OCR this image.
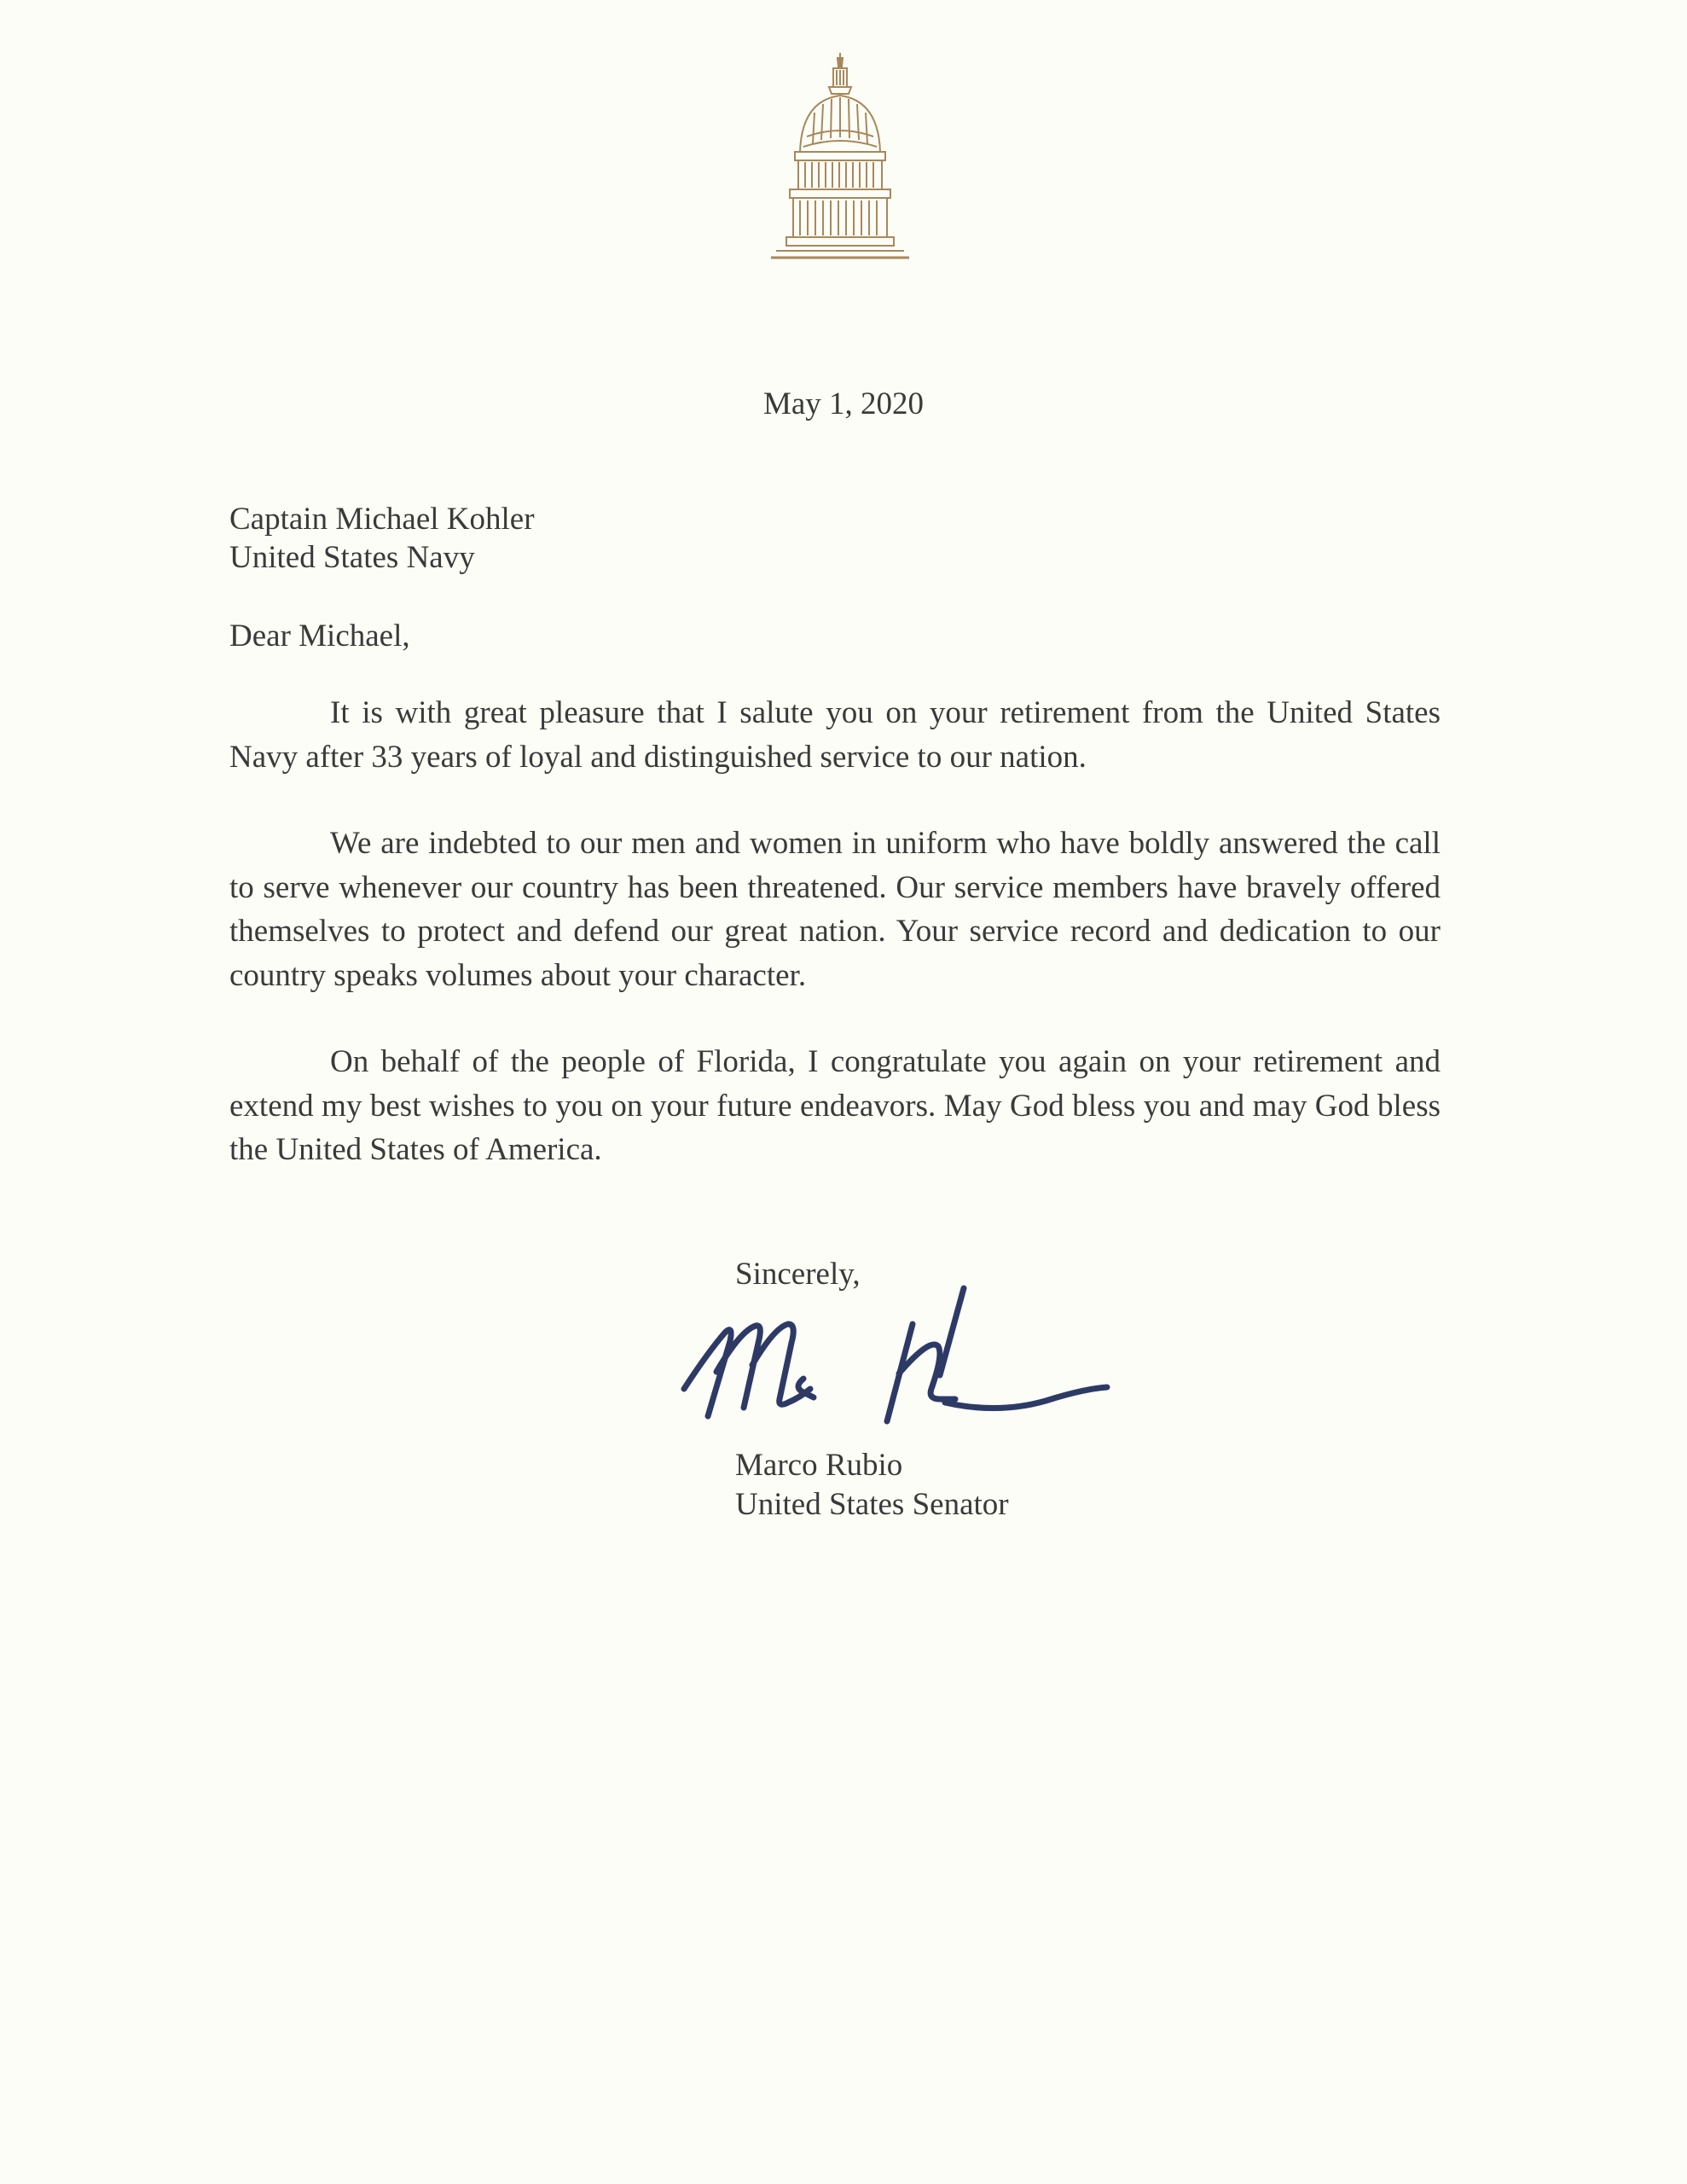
May 1, 2020
Captain Michael Kohler
United States Navy
Dear Michael,

It is with great pleasure that I salute you on your retirement from the United States Navy after 33 years of loyal and distinguished service to our nation.

We are indebted to our men and women in uniform who have boldly answered the call to serve whenever our country has been threatened. Our service members have bravely offered themselves to protect and defend our great nation. Your service record and dedication to our country speaks volumes about your character.

On behalf of the people of Florida, I congratulate you again on your retirement and extend my best wishes to you on your future endeavors. May God bless you and may God bless the United States of America.

Sincerely,
Marco Rubio
United States Senator
